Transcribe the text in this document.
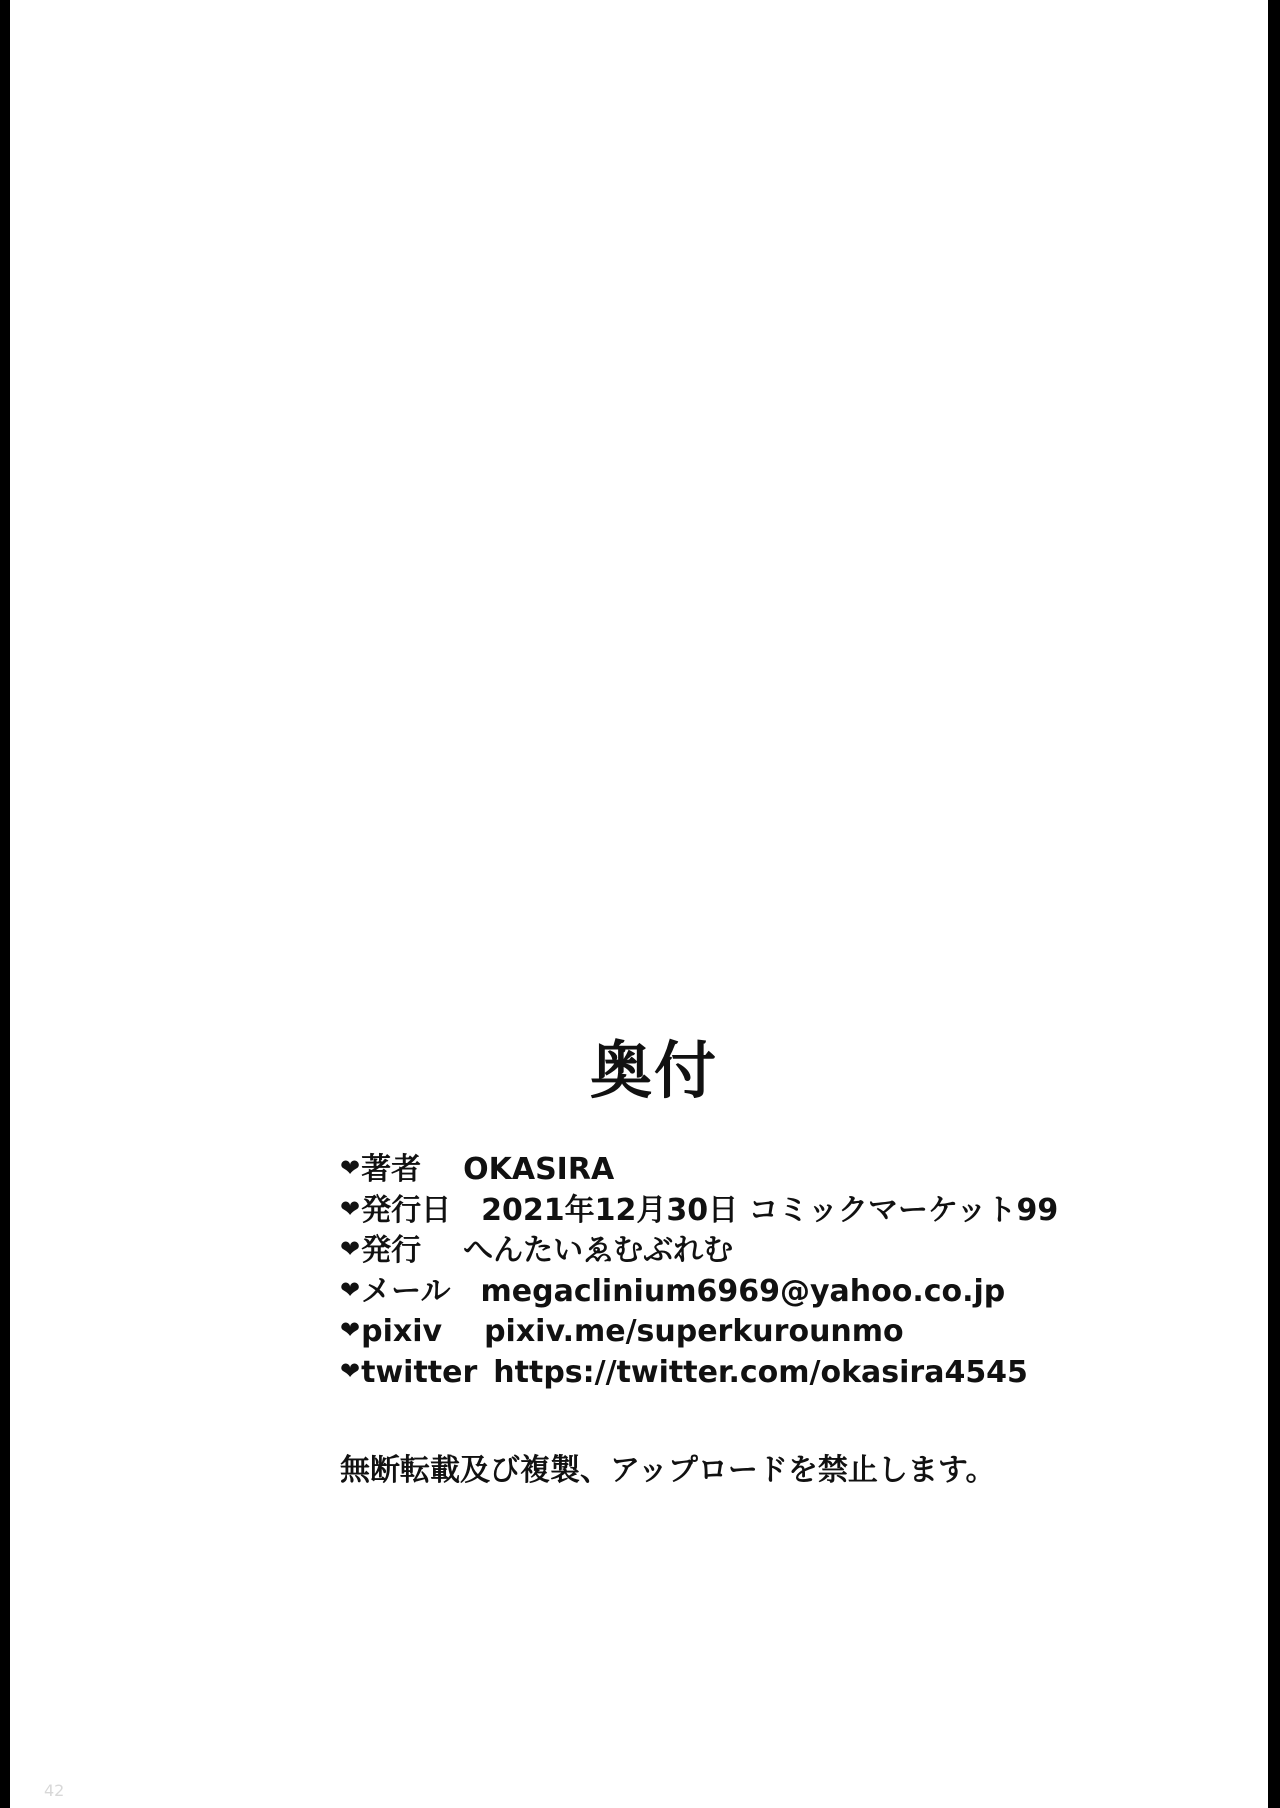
奥付
❤ 著者 OKASIRA
❤ 発行日 2021年12月30日 コミックマーケット99
❤ 発行 へんたいゑむぶれむ
❤ メール megaclinium6969@yahoo.co.jp
❤ pixiv pixiv.me/superkurounmo
❤ twitter https://twitter.com/okasira4545
無断転載及び複製、アップロードを禁止します。
42
